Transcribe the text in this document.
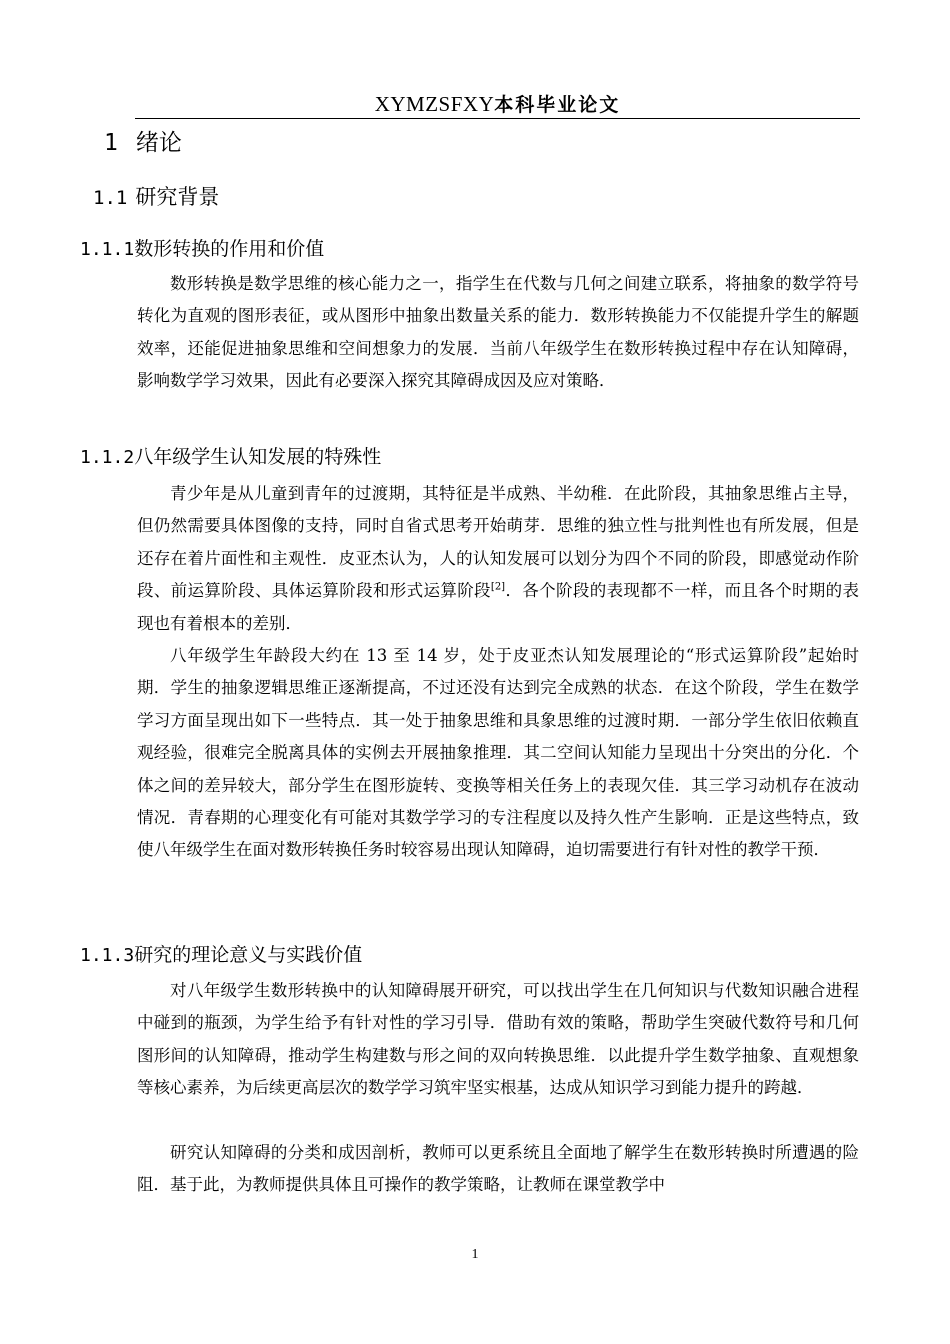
XYMZSFXY本科毕业论文
1 绪论
1.1 研究背景
1.1.1数形转换的作用和价值

数形转换是数学思维的核心能力之一，指学生在代数与几何之间建立联系，将抽象的数学符号转化为直观的图形表征，或从图形中抽象出数量关系的能力．数形转换能力不仅能提升学生的解题效率，还能促进抽象思维和空间想象力的发展．当前八年级学生在数形转换过程中存在认知障碍，影响数学学习效果，因此有必要深入探究其障碍成因及应对策略．

1.1.2八年级学生认知发展的特殊性

青少年是从儿童到青年的过渡期，其特征是半成熟、半幼稚．在此阶段，其抽象思维占主导，但仍然需要具体图像的支持，同时自省式思考开始萌芽．思维的独立性与批判性也有所发展，但是还存在着片面性和主观性．皮亚杰认为，人的认知发展可以划分为四个不同的阶段，即感觉动作阶段、前运算阶段、具体运算阶段和形式运算阶段[2]．各个阶段的表现都不一样，而且各个时期的表现也有着根本的差别．

八年级学生年龄段大约在 13 至 14 岁，处于皮亚杰认知发展理论的“形式运算阶段”起始时期．学生的抽象逻辑思维正逐渐提高，不过还没有达到完全成熟的状态．在这个阶段，学生在数学学习方面呈现出如下一些特点．其一处于抽象思维和具象思维的过渡时期．一部分学生依旧依赖直观经验，很难完全脱离具体的实例去开展抽象推理．其二空间认知能力呈现出十分突出的分化．个体之间的差异较大，部分学生在图形旋转、变换等相关任务上的表现欠佳．其三学习动机存在波动情况．青春期的心理变化有可能对其数学学习的专注程度以及持久性产生影响．正是这些特点，致使八年级学生在面对数形转换任务时较容易出现认知障碍，迫切需要进行有针对性的教学干预．

1.1.3研究的理论意义与实践价值

对八年级学生数形转换中的认知障碍展开研究，可以找出学生在几何知识与代数知识融合进程中碰到的瓶颈，为学生给予有针对性的学习引导．借助有效的策略，帮助学生突破代数符号和几何图形间的认知障碍，推动学生构建数与形之间的双向转换思维．以此提升学生数学抽象、直观想象等核心素养，为后续更高层次的数学学习筑牢坚实根基，达成从知识学习到能力提升的跨越．

研究认知障碍的分类和成因剖析，教师可以更系统且全面地了解学生在数形转换时所遭遇的险阻．基于此，为教师提供具体且可操作的教学策略，让教师在课堂教学中

1
